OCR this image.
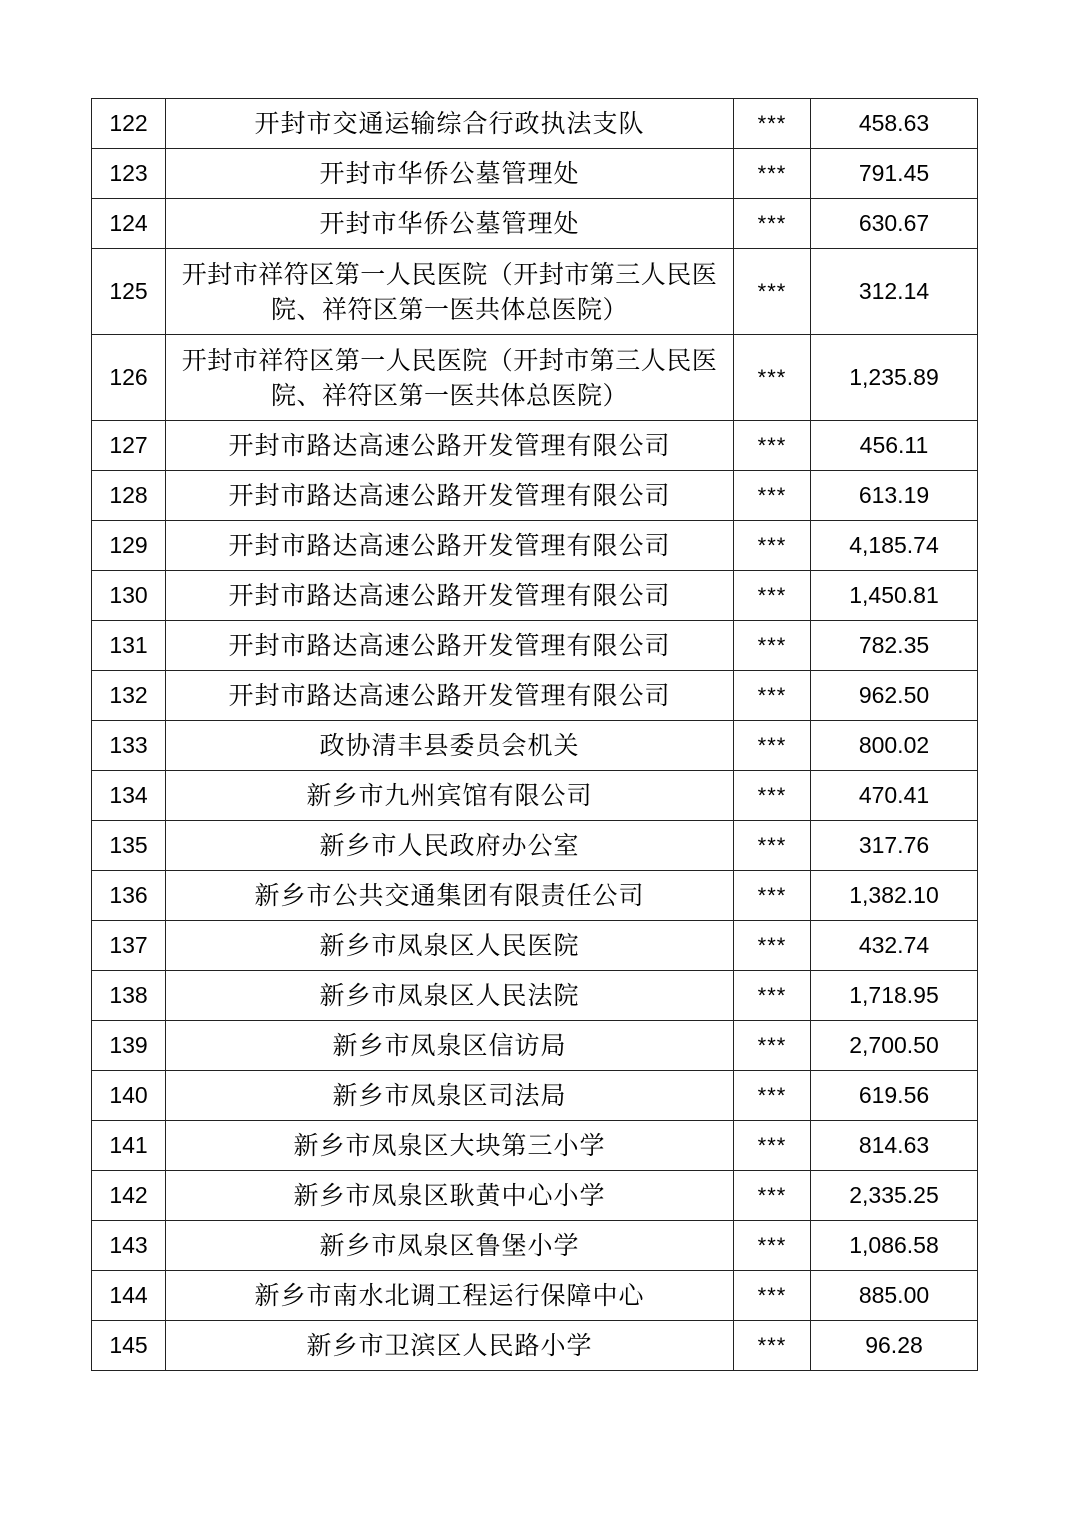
122	开封市交通运输综合行政执法支队	***	458.63
123	开封市华侨公墓管理处	***	791.45
124	开封市华侨公墓管理处	***	630.67
125	开封市祥符区第一人民医院（开封市第三人民医院、祥符区第一医共体总医院）	***	312.14
126	开封市祥符区第一人民医院（开封市第三人民医院、祥符区第一医共体总医院）	***	1,235.89
127	开封市路达高速公路开发管理有限公司	***	456.11
128	开封市路达高速公路开发管理有限公司	***	613.19
129	开封市路达高速公路开发管理有限公司	***	4,185.74
130	开封市路达高速公路开发管理有限公司	***	1,450.81
131	开封市路达高速公路开发管理有限公司	***	782.35
132	开封市路达高速公路开发管理有限公司	***	962.50
133	政协清丰县委员会机关	***	800.02
134	新乡市九州宾馆有限公司	***	470.41
135	新乡市人民政府办公室	***	317.76
136	新乡市公共交通集团有限责任公司	***	1,382.10
137	新乡市凤泉区人民医院	***	432.74
138	新乡市凤泉区人民法院	***	1,718.95
139	新乡市凤泉区信访局	***	2,700.50
140	新乡市凤泉区司法局	***	619.56
141	新乡市凤泉区大块第三小学	***	814.63
142	新乡市凤泉区耿黄中心小学	***	2,335.25
143	新乡市凤泉区鲁堡小学	***	1,086.58
144	新乡市南水北调工程运行保障中心	***	885.00
145	新乡市卫滨区人民路小学	***	96.28
